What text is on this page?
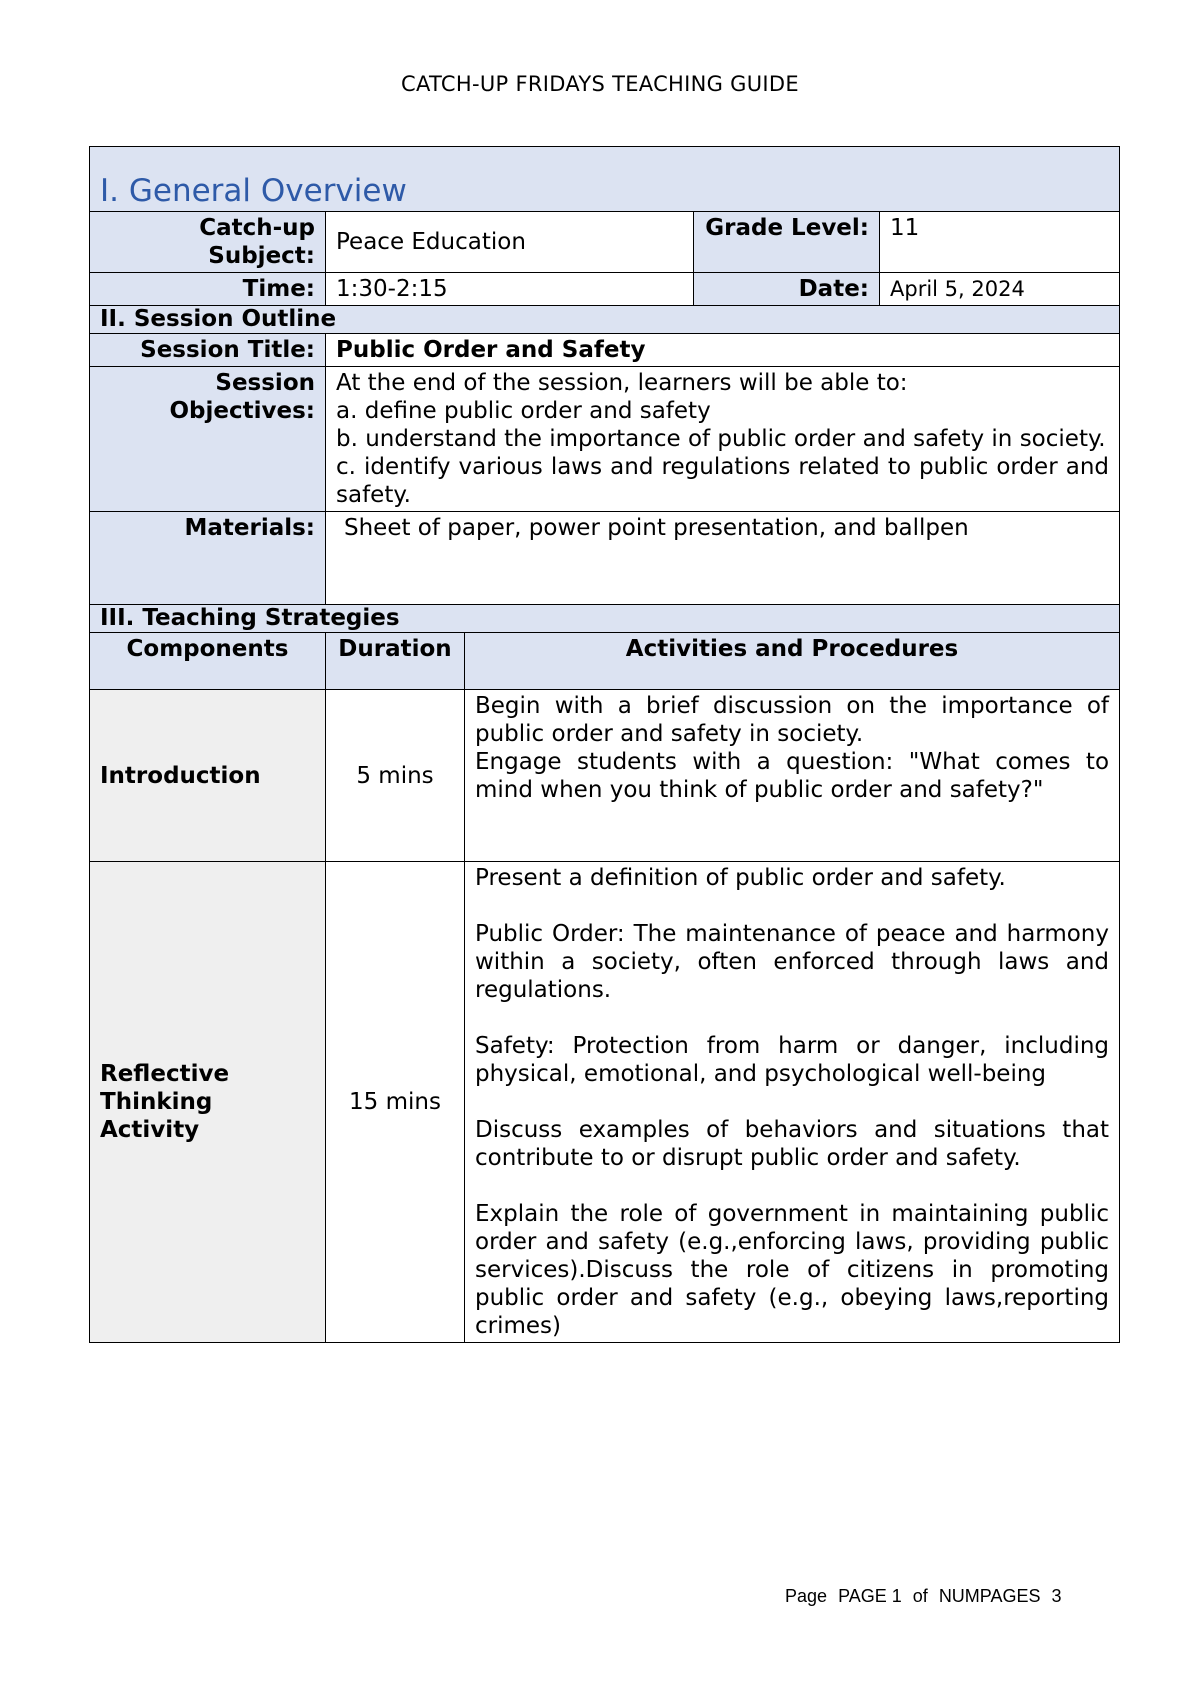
CATCH-UP FRIDAYS TEACHING GUIDE
I. General Overview				
Catch-up Subject:	Peace Education		Grade Level:	11
Time:	1:30-2:15		Date:	April 5, 2024
II. Session Outline				
Session Title:	Public Order and Safety			
Session Objectives:	At the end of the session, learners will be able to:
a. define public order and safety
b. understand the importance of public order and safety in society.
c. identify various laws and regulations related to public order and safety.			

Materials:	Sheet of paper, power point presentation, and ballpen			
III. Teaching Strategies				
Components	Duration	Activities and Procedures		
Introduction	5 mins	Begin with a brief discussion on the importance of public order and safety in society.

Engage students with a question: "What comes to mind when you think of public order and safety?"		

Reflective Thinking Activity	15 mins	Present a definition of public order and safety.

Public Order: The maintenance of peace and harmony within a society, often enforced through laws and regulations.

Safety: Protection from harm or danger, including physical, emotional, and psychological well-being

Discuss examples of behaviors and situations that contribute to or disrupt public order and safety.

Explain the role of government in maintaining public order and safety (e.g.,enforcing laws, providing public services).Discuss the role of citizens in promoting public order and safety (e.g., obeying laws,reporting crimes)		

Page PAGE 1 of NUMPAGES 3
